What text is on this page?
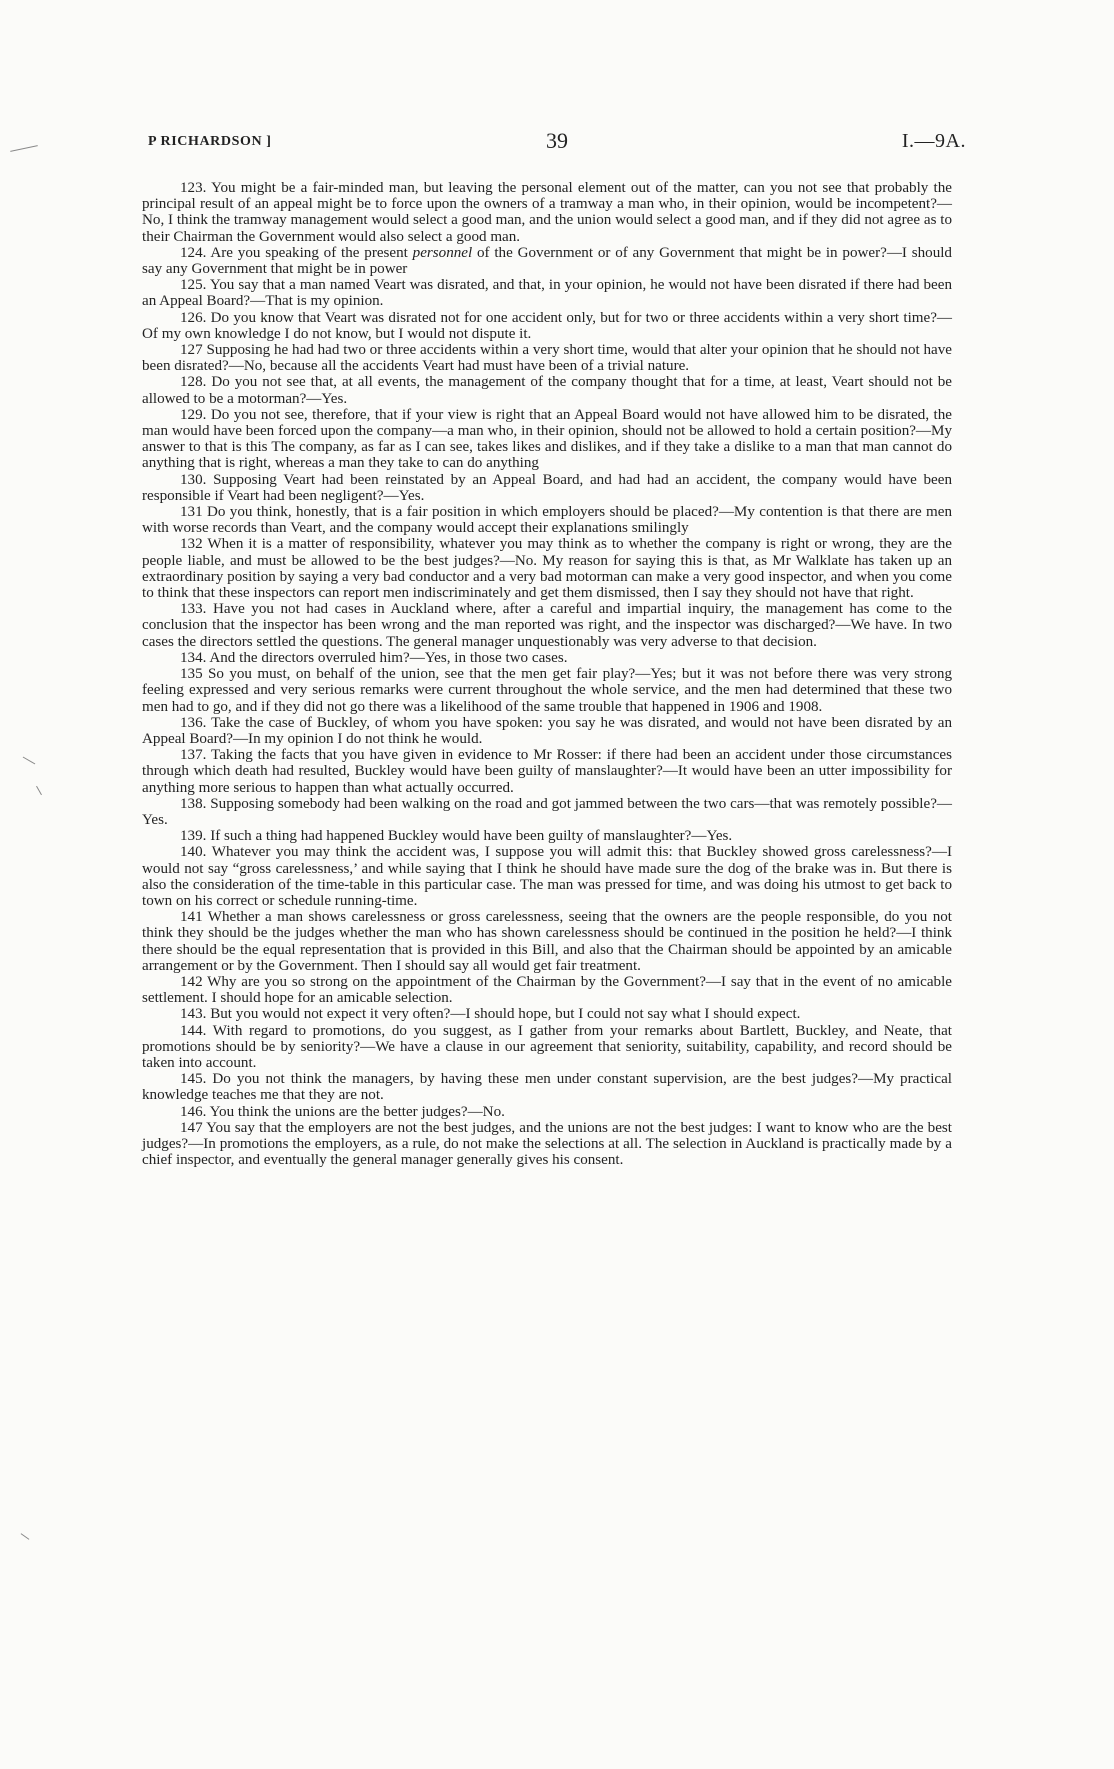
P RICHARDSON ]	39	I.—9A.

123. You might be a fair-minded man, but leaving the personal element out of the matter, can you not see that probably the principal result of an appeal might be to force upon the owners of a tramway a man who, in their opinion, would be incompetent?—No, I think the tramway management would select a good man, and the union would select a good man, and if they did not agree as to their Chairman the Government would also select a good man.

124. Are you speaking of the present personnel of the Government or of any Government that might be in power?—I should say any Government that might be in power

125. You say that a man named Veart was disrated, and that, in your opinion, he would not have been disrated if there had been an Appeal Board?—That is my opinion.

126. Do you know that Veart was disrated not for one accident only, but for two or three accidents within a very short time?—Of my own knowledge I do not know, but I would not dispute it.

127 Supposing he had had two or three accidents within a very short time, would that alter your opinion that he should not have been disrated?—No, because all the accidents Veart had must have been of a trivial nature.

128. Do you not see that, at all events, the management of the company thought that for a time, at least, Veart should not be allowed to be a motorman?—Yes.

129. Do you not see, therefore, that if your view is right that an Appeal Board would not have allowed him to be disrated, the man would have been forced upon the company—a man who, in their opinion, should not be allowed to hold a certain position?—My answer to that is this The company, as far as I can see, takes likes and dislikes, and if they take a dislike to a man that man cannot do anything that is right, whereas a man they take to can do anything

130. Supposing Veart had been reinstated by an Appeal Board, and had had an accident, the company would have been responsible if Veart had been negligent?—Yes.

131 Do you think, honestly, that is a fair position in which employers should be placed?—My contention is that there are men with worse records than Veart, and the company would accept their explanations smilingly

132 When it is a matter of responsibility, whatever you may think as to whether the company is right or wrong, they are the people liable, and must be allowed to be the best judges?—No. My reason for saying this is that, as Mr Walklate has taken up an extraordinary position by saying a very bad conductor and a very bad motorman can make a very good inspector, and when you come to think that these inspectors can report men indiscriminately and get them dismissed, then I say they should not have that right.

133. Have you not had cases in Auckland where, after a careful and impartial inquiry, the management has come to the conclusion that the inspector has been wrong and the man reported was right, and the inspector was discharged?—We have. In two cases the directors settled the questions. The general manager unquestionably was very adverse to that decision.

134. And the directors overruled him?—Yes, in those two cases.

135 So you must, on behalf of the union, see that the men get fair play?—Yes; but it was not before there was very strong feeling expressed and very serious remarks were current throughout the whole service, and the men had determined that these two men had to go, and if they did not go there was a likelihood of the same trouble that happened in 1906 and 1908.

136. Take the case of Buckley, of whom you have spoken: you say he was disrated, and would not have been disrated by an Appeal Board?—In my opinion I do not think he would.

137. Taking the facts that you have given in evidence to Mr Rosser: if there had been an accident under those circumstances through which death had resulted, Buckley would have been guilty of manslaughter?—It would have been an utter impossibility for anything more serious to happen than what actually occurred.

138. Supposing somebody had been walking on the road and got jammed between the two cars—that was remotely possible?—Yes.

139. If such a thing had happened Buckley would have been guilty of manslaughter?—Yes.

140. Whatever you may think the accident was, I suppose you will admit this: that Buckley showed gross carelessness?—I would not say “gross carelessness,’ and while saying that I think he should have made sure the dog of the brake was in. But there is also the consideration of the time-table in this particular case. The man was pressed for time, and was doing his utmost to get back to town on his correct or schedule running-time.

141 Whether a man shows carelessness or gross carelessness, seeing that the owners are the people responsible, do you not think they should be the judges whether the man who has shown carelessness should be continued in the position he held?—I think there should be the equal representation that is provided in this Bill, and also that the Chairman should be appointed by an amicable arrangement or by the Government. Then I should say all would get fair treatment.

142 Why are you so strong on the appointment of the Chairman by the Government?—I say that in the event of no amicable settlement. I should hope for an amicable selection.

143. But you would not expect it very often?—I should hope, but I could not say what I should expect.

144. With regard to promotions, do you suggest, as I gather from your remarks about Bartlett, Buckley, and Neate, that promotions should be by seniority?—We have a clause in our agreement that seniority, suitability, capability, and record should be taken into account.

145. Do you not think the managers, by having these men under constant supervision, are the best judges?—My practical knowledge teaches me that they are not.

146. You think the unions are the better judges?—No.

147 You say that the employers are not the best judges, and the unions are not the best judges: I want to know who are the best judges?—In promotions the employers, as a rule, do not make the selections at all. The selection in Auckland is practically made by a chief inspector, and eventually the general manager generally gives his consent.
